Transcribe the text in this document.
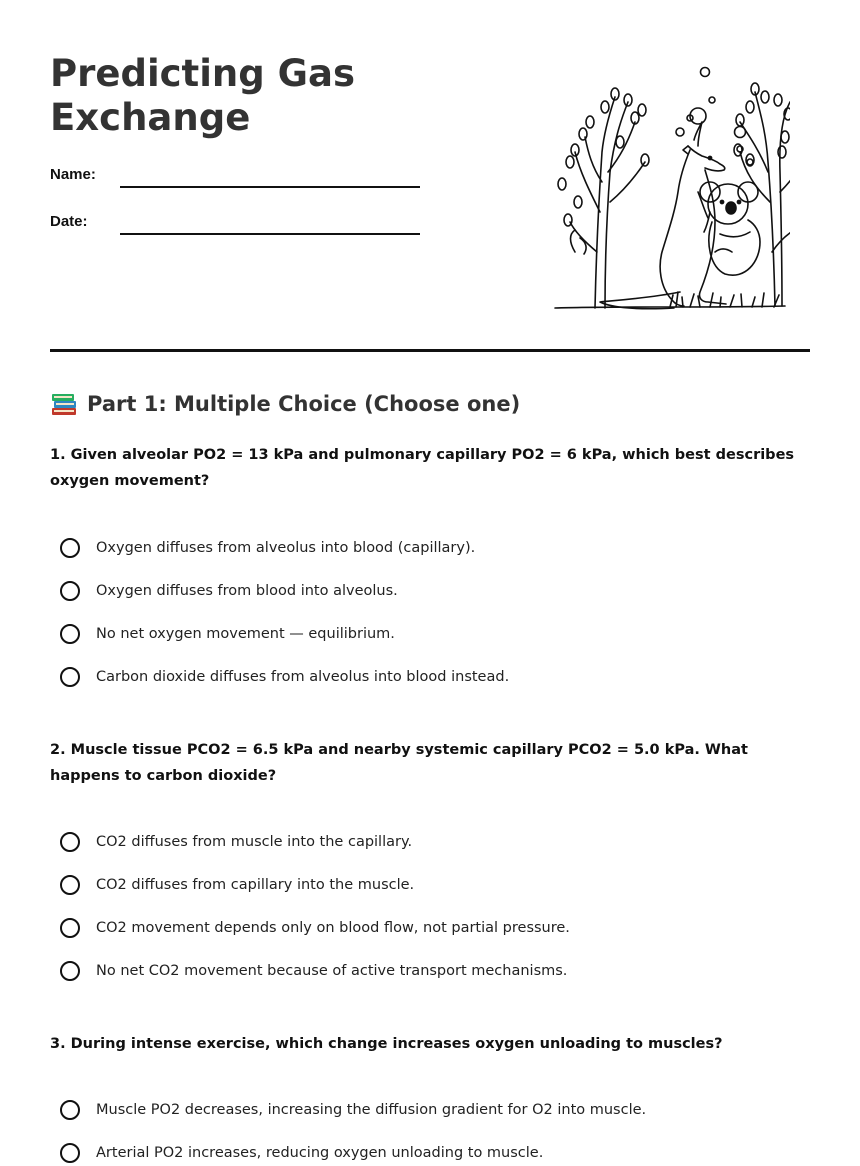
Predicting Gas
Exchange
Name:
Date:
Part 1: Multiple Choice (Choose one)

1. Given alveolar PO2 = 13 kPa and pulmonary capillary PO2 = 6 kPa, which best describes oxygen movement?

Oxygen diffuses from alveolus into blood (capillary).
Oxygen diffuses from blood into alveolus.
No net oxygen movement — equilibrium.
Carbon dioxide diffuses from alveolus into blood instead.

2. Muscle tissue PCO2 = 6.5 kPa and nearby systemic capillary PCO2 = 5.0 kPa. What happens to carbon dioxide?

CO2 diffuses from muscle into the capillary.
CO2 diffuses from capillary into the muscle.
CO2 movement depends only on blood flow, not partial pressure.
No net CO2 movement because of active transport mechanisms.

3. During intense exercise, which change increases oxygen unloading to muscles?

Muscle PO2 decreases, increasing the diffusion gradient for O2 into muscle.
Arterial PO2 increases, reducing oxygen unloading to muscle.
